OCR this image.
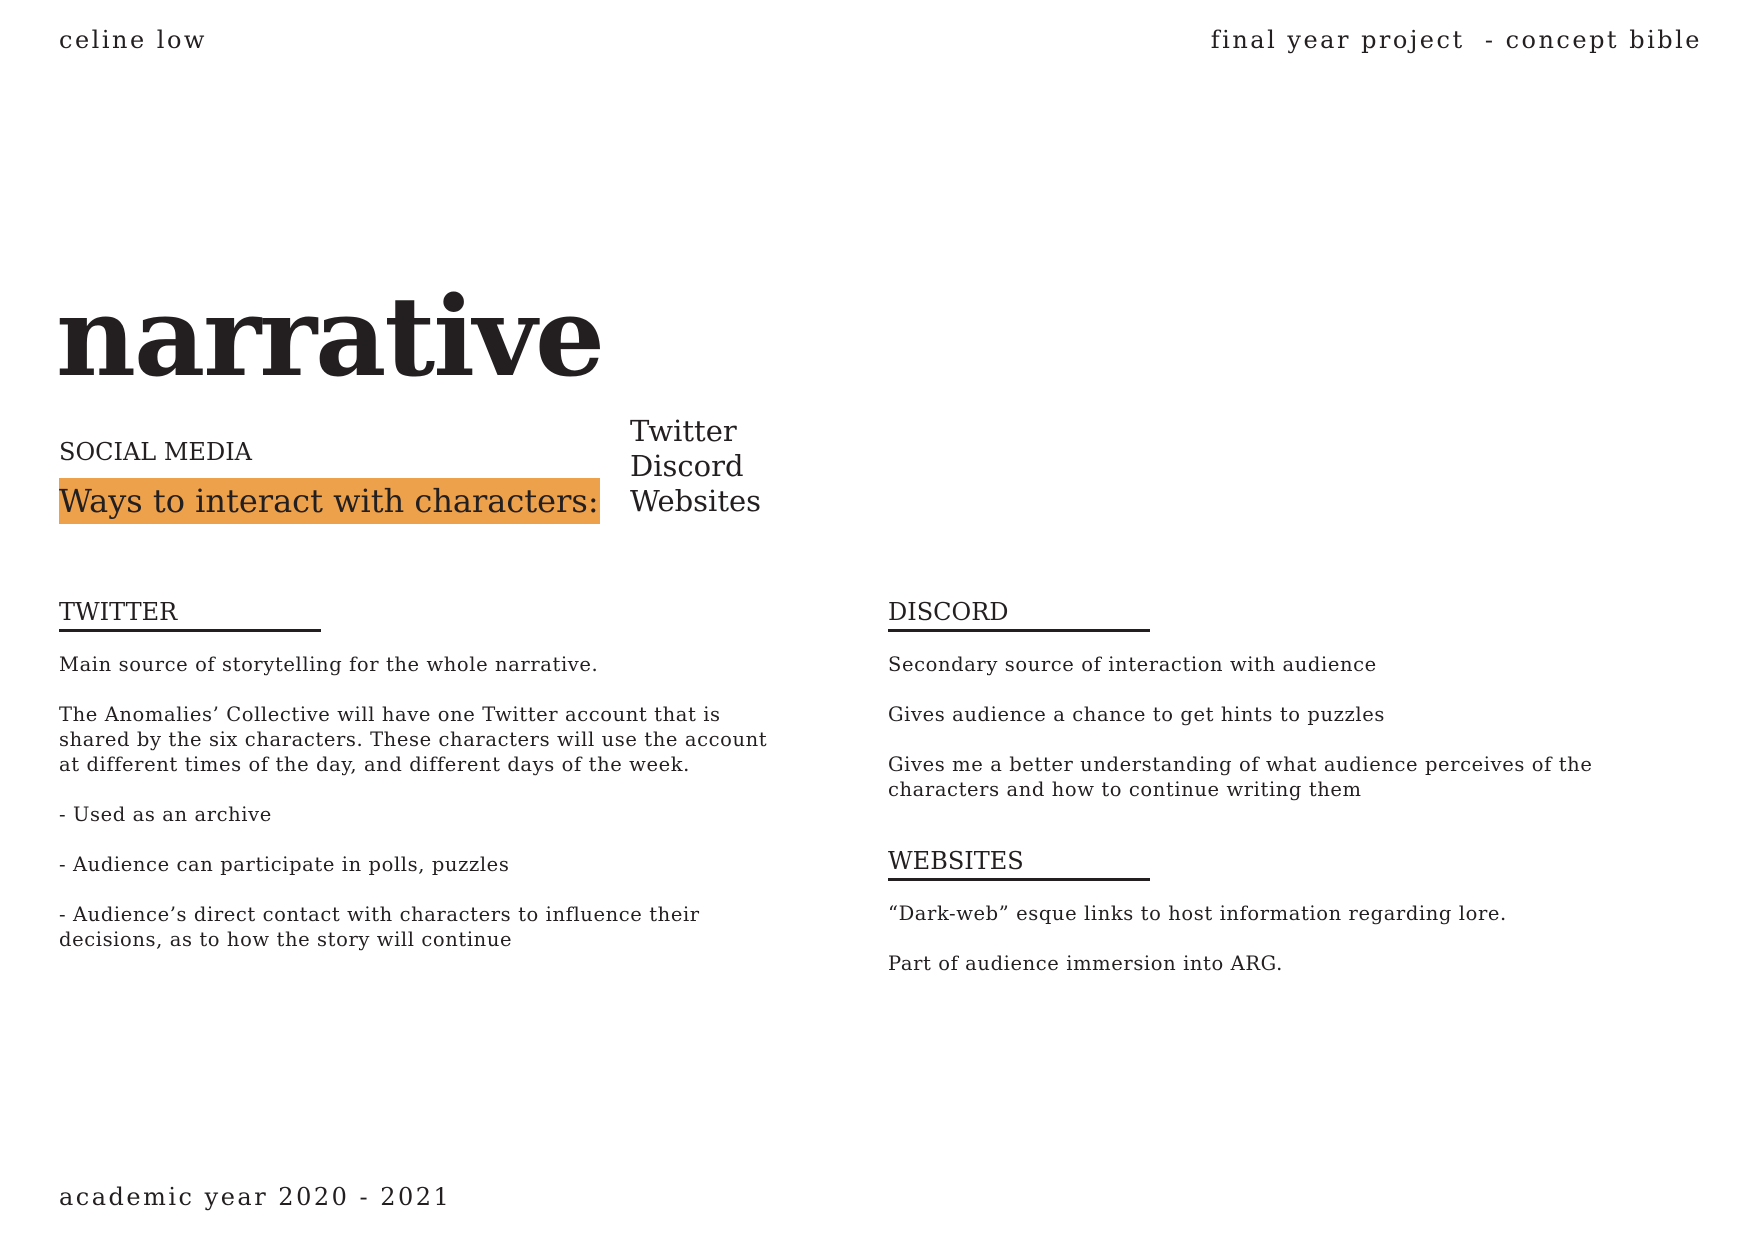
celine low	final year project  - concept bible
narrative
SOCIAL MEDIA
Ways to interact with characters:
Twitter
Discord
Websites
TWITTER

Main source of storytelling for the whole narrative.

The Anomalies’ Collective will have one Twitter account that is shared by the six characters. These characters will use the account at different times of the day, and different days of the week.

- Used as an archive

- Audience can participate in polls, puzzles

- Audience’s direct contact with characters to influence their decisions, as to how the story will continue

DISCORD

Secondary source of interaction with audience

Gives audience a chance to get hints to puzzles

Gives me a better understanding of what audience perceives of the characters and how to continue writing them

WEBSITES

“Dark-web” esque links to host information regarding lore.

Part of audience immersion into ARG.

academic year 2020 - 2021
